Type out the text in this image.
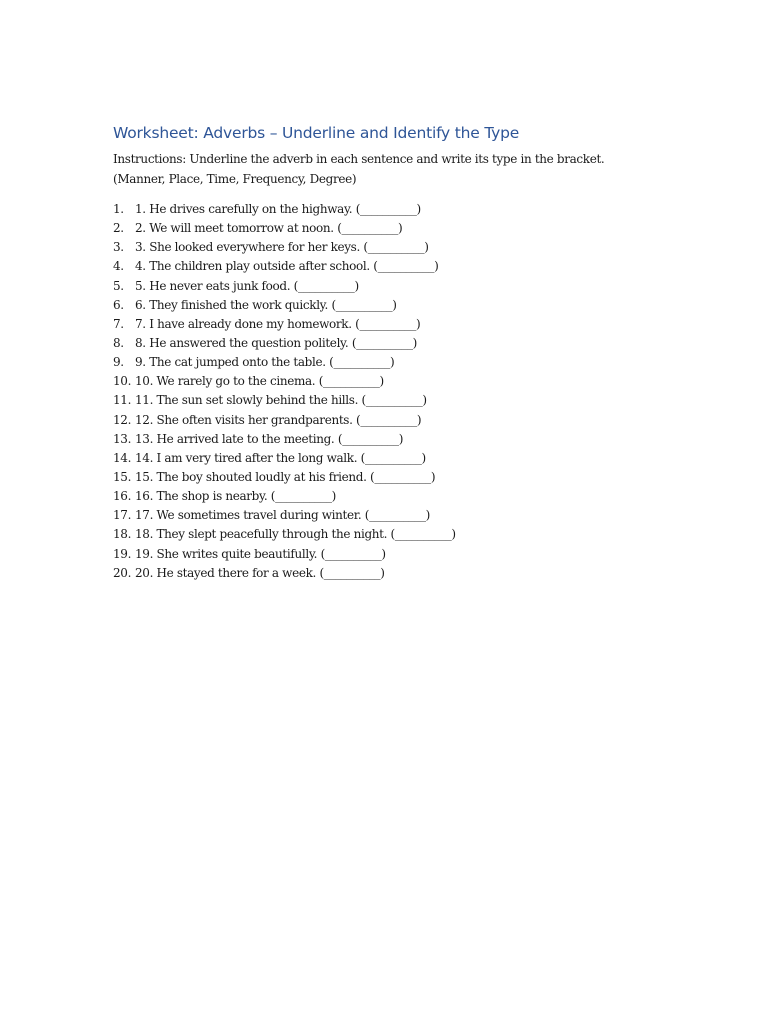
Worksheet: Adverbs – Underline and Identify the Type

Instructions: Underline the adverb in each sentence and write its type in the bracket.

(Manner, Place, Time, Frequency, Degree)

1. 1. He drives carefully on the highway. (__________)
2. 2. We will meet tomorrow at noon. (__________)
3. 3. She looked everywhere for her keys. (__________)
4. 4. The children play outside after school. (__________)
5. 5. He never eats junk food. (__________)
6. 6. They finished the work quickly. (__________)
7. 7. I have already done my homework. (__________)
8. 8. He answered the question politely. (__________)
9. 9. The cat jumped onto the table. (__________)
10. 10. We rarely go to the cinema. (__________)
11. 11. The sun set slowly behind the hills. (__________)
12. 12. She often visits her grandparents. (__________)
13. 13. He arrived late to the meeting. (__________)
14. 14. I am very tired after the long walk. (__________)
15. 15. The boy shouted loudly at his friend. (__________)
16. 16. The shop is nearby. (__________)
17. 17. We sometimes travel during winter. (__________)
18. 18. They slept peacefully through the night. (__________)
19. 19. She writes quite beautifully. (__________)
20. 20. He stayed there for a week. (__________)
